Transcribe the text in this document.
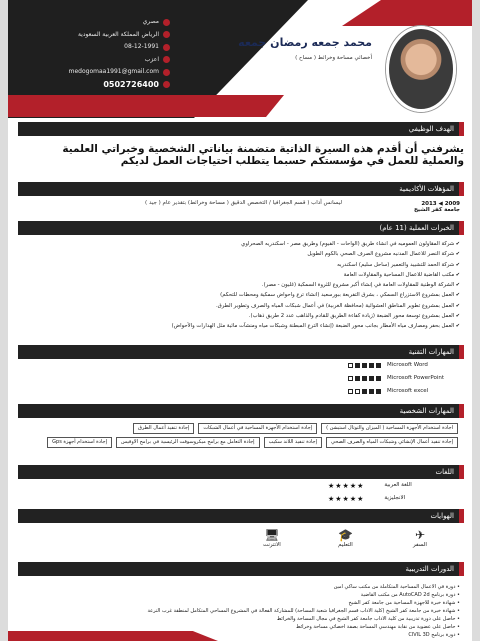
مصري
الرياض المملكة العربية السعودية
08-12-1991
اعزب
medogomaa1991@gmail.com
0502726400
محمد جمعه رمضان جمعه
أخصائي مساحة وخرائط ( مساح )
الهدف الوظيفي
يشرفني أن أقدم هذه السيرة الذاتية متضمنة بياناتي الشخصية وخبراتي العلمية والعملية للعمل في مؤسستكم حسبما يتطلب احتياجات العمل لديكم
المؤهلات الأكاديمية
2009 ◀ 2013
جامعة كفر الشيخ
ليسانس آداب ( قسم الجغرافيا / التخصص الدقيق ( مساحة وخرائط) بتقدير عام ( جيد )
الخبرات العملية (11 عام)
✔ شركة المقاولون العموميه في انشاء طريق (الواحات - الفيوم) وطريق مصر - اسكندريه الصحراوي
✔ شركة النصر للاعمال المدنيه مشروع الصرف الصحي بالكوم الطويل
✔ شركة الحمد للتشييد والتعمير (ساحل سليم) اسكندريه
✔ مكتب القاضية للاعمال المساحية والمقاولات العامة
✔ الشركة الوطنية للمقاولات العامة في إنشاء أكبر مشروع للثروة السمكية (غليون - مصر).
✔ العمل بمشروع الاستزراع السمكي ، بشرق التفريعة ببورسعيد (انشاء ترع واحواض سمكية ومحطات للتحكم)
✔ العمل بمشروع تطوير المناطق العشوائية (محافظة الغربية) في أعمال شبكات المياه والصرف وتطوير الطرق.
✔ العمل بمشروع توسعة محور الضبعة (زيادة كفاءة الطريق للقادم والذاهب عدد 2 طريق ذهاب).
✔ العمل بحفر ومصارف مياه الأمطار بجانب محور الضبعة (إنشاء الترع المبطنة وشبكات مياه ومنشآت مائية مثل الهدارات والأحواض)
المهارات التقنية
Microsoft Word
Microsoft PowerPoint
Microsoft excel
المهارات الشخصية
اجادة استخدام الأجهزة المساحية ( الميزان والتوتال استيشن )
إجادة استخدام الأجهزة المساحية في أعمال الشبكات
إجادة تنفيذ أعمال الطرق
إجادة تنفيذ أعمال الإنشائي وشبكات المياه والصرف الصحي
إجادة تنفيذ اللاند سكيب
إجادة التعامل مع برامج ميكروسوفت الرئيسية في برامج الاوفيس
إجادة استخدام أجهزة Gps
اللغات
★★★★★	اللغة العربية
★★★★★	الانجليزية
الهوايات
✈
السفر
🎓
التعليم
🖥
الانترنت
الدورات التدريبية
• دورة في الاعمال المساحية المتكاملة من مكتب ساكي امين
• دورة برنامج AutoCAD 2d من مكتب القاضية
• شهادة خبرة للاجهزة المساحية من جامعة كفر الشيخ
• شهادة خبرة من جامعة كفر الشيخ (كلية الاداب قسم الجغرافيا شعبة المساحة) للمشاركة الفعالة في المشروع المساحي المتكامل لمنطقة غرب الترعة
• حاصل على دورة تدريبية من كلية الاداب جامعة كفر الشيخ في مجال المساحة والخرائط
• حاصل على عضوية من نقابة مهندسي المساحة بصفة اخصائي مساحة وخرائط
• دورة برنامج CIVIL 3D
